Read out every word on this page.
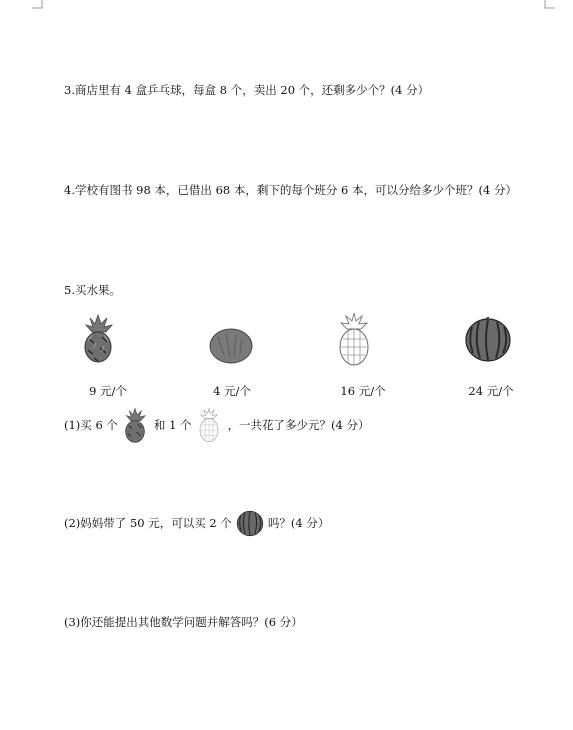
3.商店里有 4 盒乒乓球，每盒 8 个，卖出 20 个，还剩多少个？(4 分）
4.学校有图书 98 本，已借出 68 本，剩下的每个班分 6 本，可以分给多少个班？(4 分）
5.买水果。
9 元/个	4 元/个	16 元/个	24 元/个
(1)买 6 个	和 1 个	，一共花了多少元？(4 分）
(2)妈妈带了 50 元，可以买 2 个	吗？(4 分）
(3)你还能提出其他数学问题并解答吗？(6 分）
